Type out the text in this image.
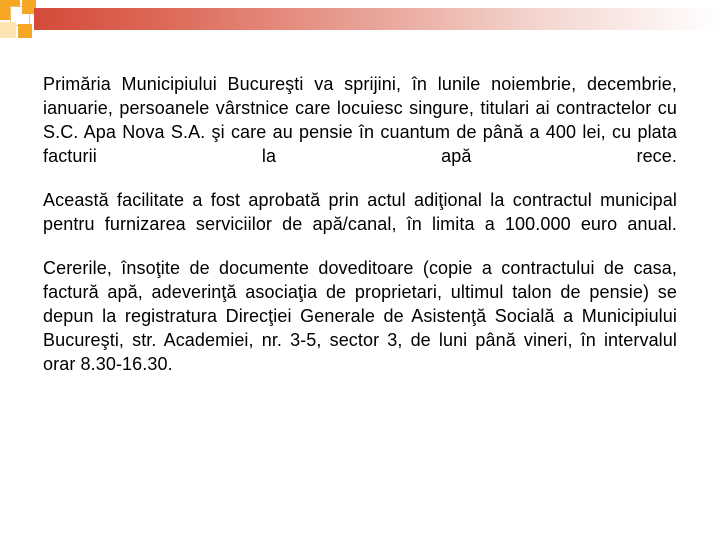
Primăria Municipiului Bucureşti va sprijini, în lunile noiembrie, decembrie, ianuarie, persoanele vârstnice care locuiesc singure, titulari ai contractelor cu S.C. Apa Nova S.A. şi care au pensie în cuantum de până a 400 lei, cu plata facturii la apă rece.

Această facilitate a fost aprobată prin actul adiţional la contractul municipal pentru furnizarea serviciilor de apă/canal, în limita a 100.000 euro anual.

Cererile, însoţite de documente doveditoare (copie a contractului de casa, factură apă, adeverinţă asociaţia de proprietari, ultimul talon de pensie) se depun la registratura Direcţiei Generale de Asistenţă Socială a Municipiului Bucureşti, str. Academiei, nr. 3-5, sector 3, de luni până vineri, în intervalul orar 8.30-16.30.
